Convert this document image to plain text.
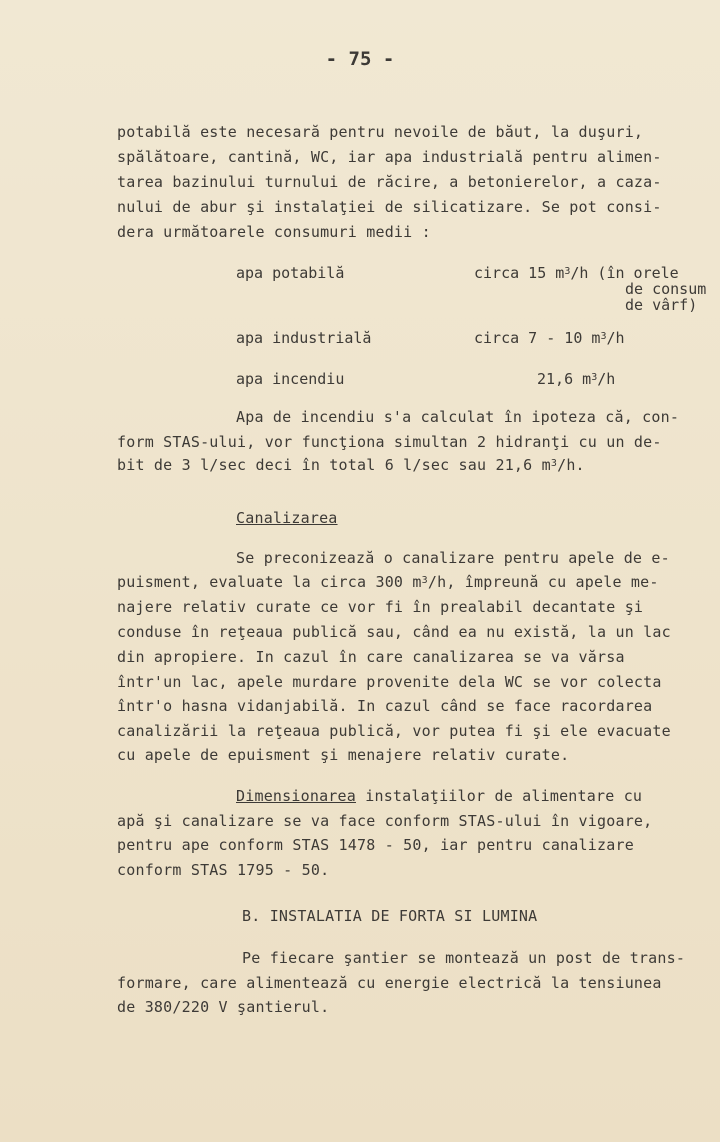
- 75 -
potabilă este necesară pentru nevoile de băut, la duşuri,
spălătoare, cantină, WC, iar apa industrială pentru alimen-
tarea bazinului turnului de răcire, a betonierelor, a caza-
nului de abur şi instalaţiei de silicatizare. Se pot consi-
dera următoarele consumuri medii :
apa potabilă	circa 15 $m^3/h$ (în orele
de consum
de vârf)
apa industrială	circa 7 - 10 $m^3/h$
apa incendiu	21,6 $m^3/h$
Apa de incendiu s'a calculat în ipoteza că, con-
form STAS-ului, vor funcţiona simultan 2 hidranţi cu un de-
bit de 3 l/sec deci în total 6 l/sec sau 21,6 $m^3/h$.
Canalizarea
Se preconizează o canalizare pentru apele de e-
puisment, evaluate la circa 300 $m^3/h$, împreună cu apele me-
najere relativ curate ce vor fi în prealabil decantate şi
conduse în reţeaua publică sau, când ea nu există, la un lac
din apropiere. In cazul în care canalizarea se va vărsa
într'un lac, apele murdare provenite dela WC se vor colecta
într'o hasna vidanjabilă. In cazul când se face racordarea
canalizării la reţeaua publică, vor putea fi şi ele evacuate
cu apele de epuisment şi menajere relativ curate.
Dimensionarea instalaţiilor de alimentare cu
apă şi canalizare se va face conform STAS-ului în vigoare,
pentru ape conform STAS 1478 - 50, iar pentru canalizare
conform STAS 1795 - 50.
B. INSTALATIA DE FORTA SI LUMINA
Pe fiecare şantier se montează un post de trans-
formare, care alimentează cu energie electrică la tensiunea
de 380/220 V şantierul.
